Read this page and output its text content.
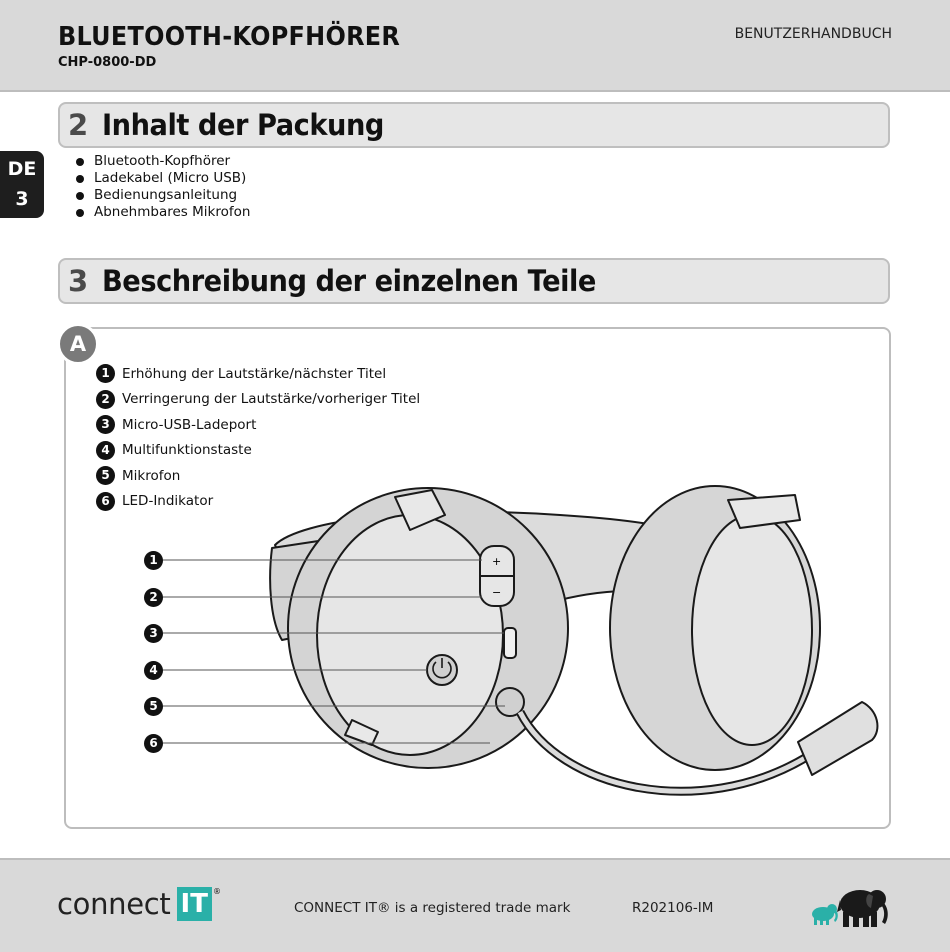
BLUETOOTH-KOPFHÖRER
CHP-0800-DD
BENUTZERHANDBUCH
DE
3
2 Inhalt der Packung
Bluetooth-Kopfhörer
Ladekabel (Micro USB)
Bedienungsanleitung
Abnehmbares Mikrofon
3 Beschreibung der einzelnen Teile
+
−
A
1 Erhöhung der Lautstärke/nächster Titel
2 Verringerung der Lautstärke/vorheriger Titel
3 Micro-USB-Ladeport
4 Multifunktionstaste
5 Mikrofon
6 LED-Indikator
1
2
3
4
5
6
connect IT ®
CONNECT IT® is a registered trade mark	R202106-IM
